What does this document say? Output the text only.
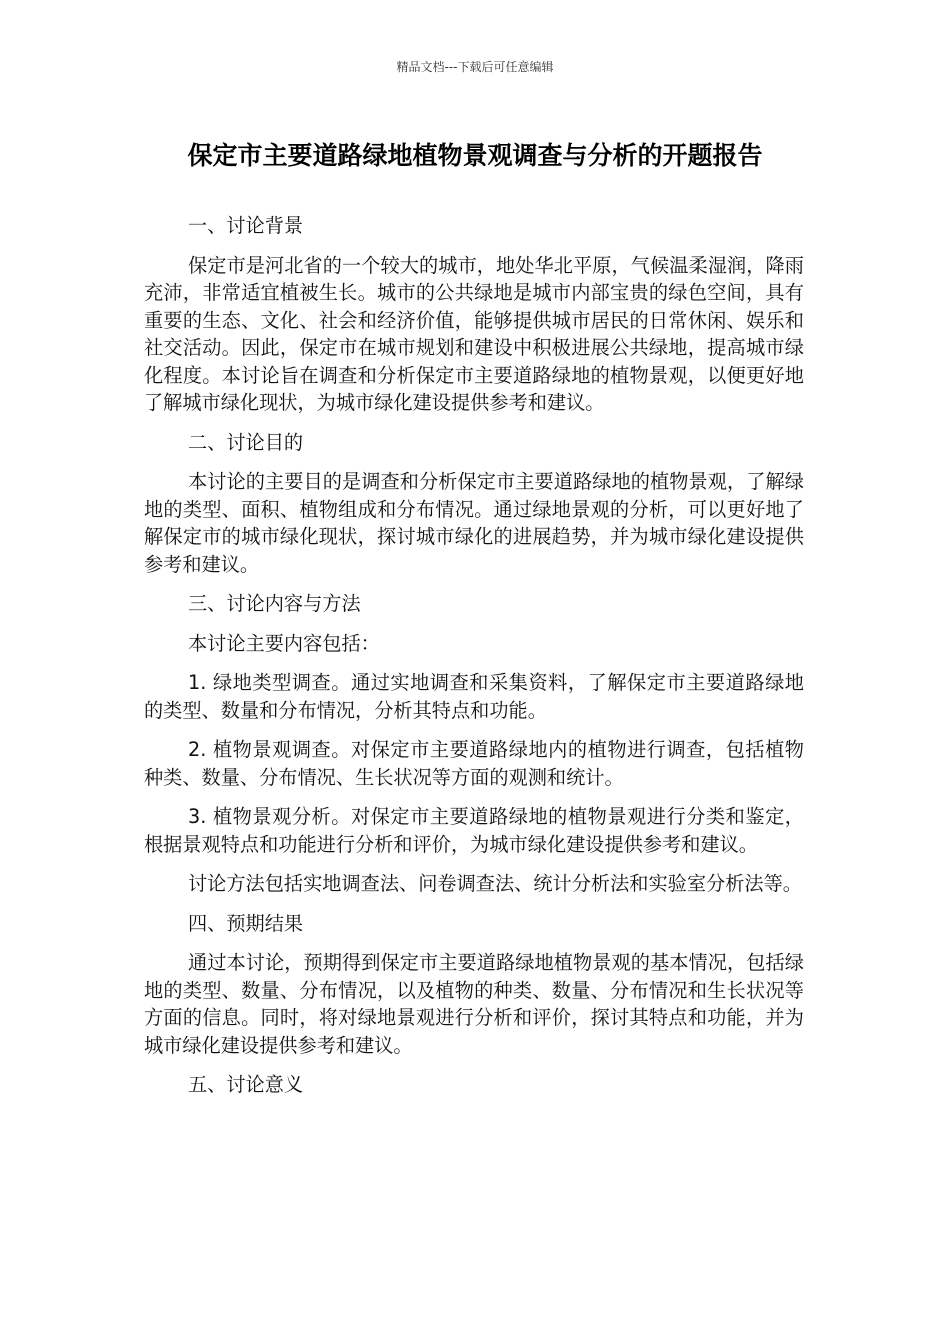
精品文档---下载后可任意编辑
保定市主要道路绿地植物景观调查与分析的开题报告

一、讨论背景

保定市是河北省的一个较大的城市，地处华北平原，气候温柔湿润，降雨充沛，非常适宜植被生长。城市的公共绿地是城市内部宝贵的绿色空间，具有重要的生态、文化、社会和经济价值，能够提供城市居民的日常休闲、娱乐和社交活动。因此，保定市在城市规划和建设中积极进展公共绿地，提高城市绿化程度。本讨论旨在调查和分析保定市主要道路绿地的植物景观，以便更好地了解城市绿化现状，为城市绿化建设提供参考和建议。

二、讨论目的

本讨论的主要目的是调查和分析保定市主要道路绿地的植物景观，了解绿地的类型、面积、植物组成和分布情况。通过绿地景观的分析，可以更好地了解保定市的城市绿化现状，探讨城市绿化的进展趋势，并为城市绿化建设提供参考和建议。

三、讨论内容与方法

本讨论主要内容包括：

1. 绿地类型调查。通过实地调查和采集资料，了解保定市主要道路绿地的类型、数量和分布情况，分析其特点和功能。

2. 植物景观调查。对保定市主要道路绿地内的植物进行调查，包括植物种类、数量、分布情况、生长状况等方面的观测和统计。

3. 植物景观分析。对保定市主要道路绿地的植物景观进行分类和鉴定，根据景观特点和功能进行分析和评价，为城市绿化建设提供参考和建议。

讨论方法包括实地调查法、问卷调查法、统计分析法和实验室分析法等。

四、预期结果

通过本讨论，预期得到保定市主要道路绿地植物景观的基本情况，包括绿地的类型、数量、分布情况，以及植物的种类、数量、分布情况和生长状况等方面的信息。同时，将对绿地景观进行分析和评价，探讨其特点和功能，并为城市绿化建设提供参考和建议。

五、讨论意义
